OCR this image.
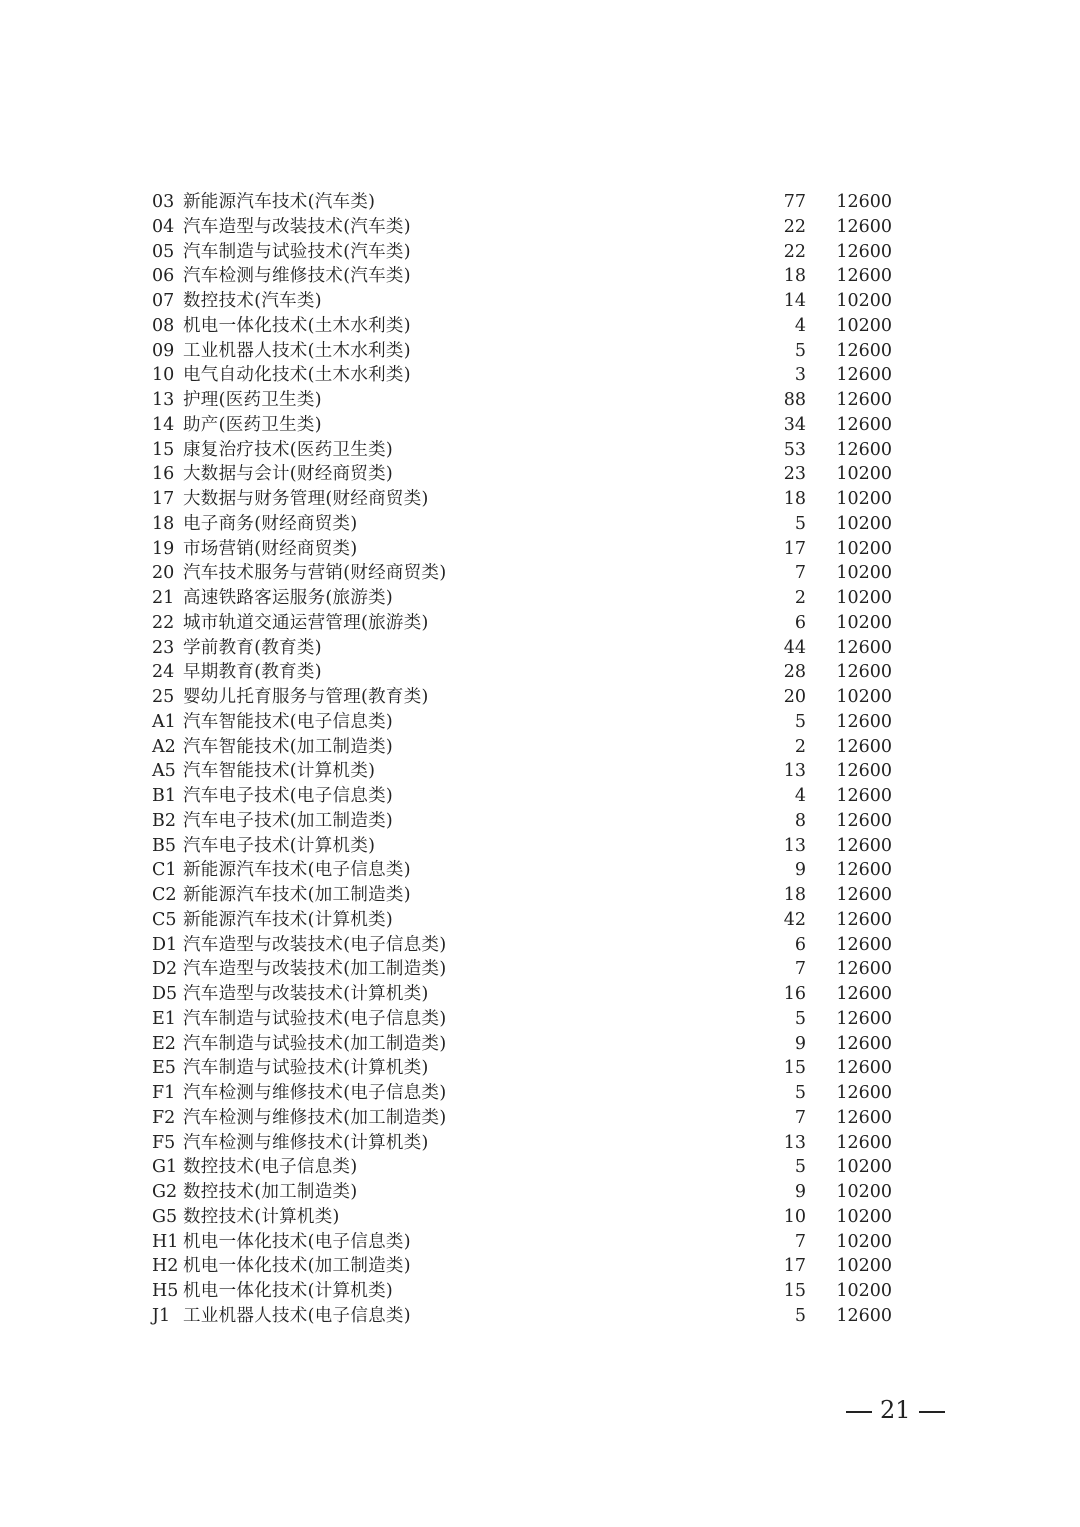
03 新能源汽车技术(汽车类)	77 12600
04 汽车造型与改装技术(汽车类)	22 12600
05 汽车制造与试验技术(汽车类)	22 12600
06 汽车检测与维修技术(汽车类)	18 12600
07 数控技术(汽车类)	14 10200
08 机电一体化技术(土木水利类)	4 10200
09 工业机器人技术(土木水利类)	5 12600
10 电气自动化技术(土木水利类)	3 12600
13 护理(医药卫生类)	88 12600
14 助产(医药卫生类)	34 12600
15 康复治疗技术(医药卫生类)	53 12600
16 大数据与会计(财经商贸类)	23 10200
17 大数据与财务管理(财经商贸类)	18 10200
18 电子商务(财经商贸类)	5 10200
19 市场营销(财经商贸类)	17 10200
20 汽车技术服务与营销(财经商贸类)	7 10200
21 高速铁路客运服务(旅游类)	2 10200
22 城市轨道交通运营管理(旅游类)	6 10200
23 学前教育(教育类)	44 12600
24 早期教育(教育类)	28 12600
25 婴幼儿托育服务与管理(教育类)	20 10200
A1 汽车智能技术(电子信息类)	5 12600
A2 汽车智能技术(加工制造类)	2 12600
A5 汽车智能技术(计算机类)	13 12600
B1 汽车电子技术(电子信息类)	4 12600
B2 汽车电子技术(加工制造类)	8 12600
B5 汽车电子技术(计算机类)	13 12600
C1 新能源汽车技术(电子信息类)	9 12600
C2 新能源汽车技术(加工制造类)	18 12600
C5 新能源汽车技术(计算机类)	42 12600
D1 汽车造型与改装技术(电子信息类)	6 12600
D2 汽车造型与改装技术(加工制造类)	7 12600
D5 汽车造型与改装技术(计算机类)	16 12600
E1 汽车制造与试验技术(电子信息类)	5 12600
E2 汽车制造与试验技术(加工制造类)	9 12600
E5 汽车制造与试验技术(计算机类)	15 12600
F1 汽车检测与维修技术(电子信息类)	5 12600
F2 汽车检测与维修技术(加工制造类)	7 12600
F5 汽车检测与维修技术(计算机类)	13 12600
G1 数控技术(电子信息类)	5 10200
G2 数控技术(加工制造类)	9 10200
G5 数控技术(计算机类)	10 10200
H1 机电一体化技术(电子信息类)	7 10200
H2 机电一体化技术(加工制造类)	17 10200
H5 机电一体化技术(计算机类)	15 10200
J1 工业机器人技术(电子信息类)	5 12600
21
